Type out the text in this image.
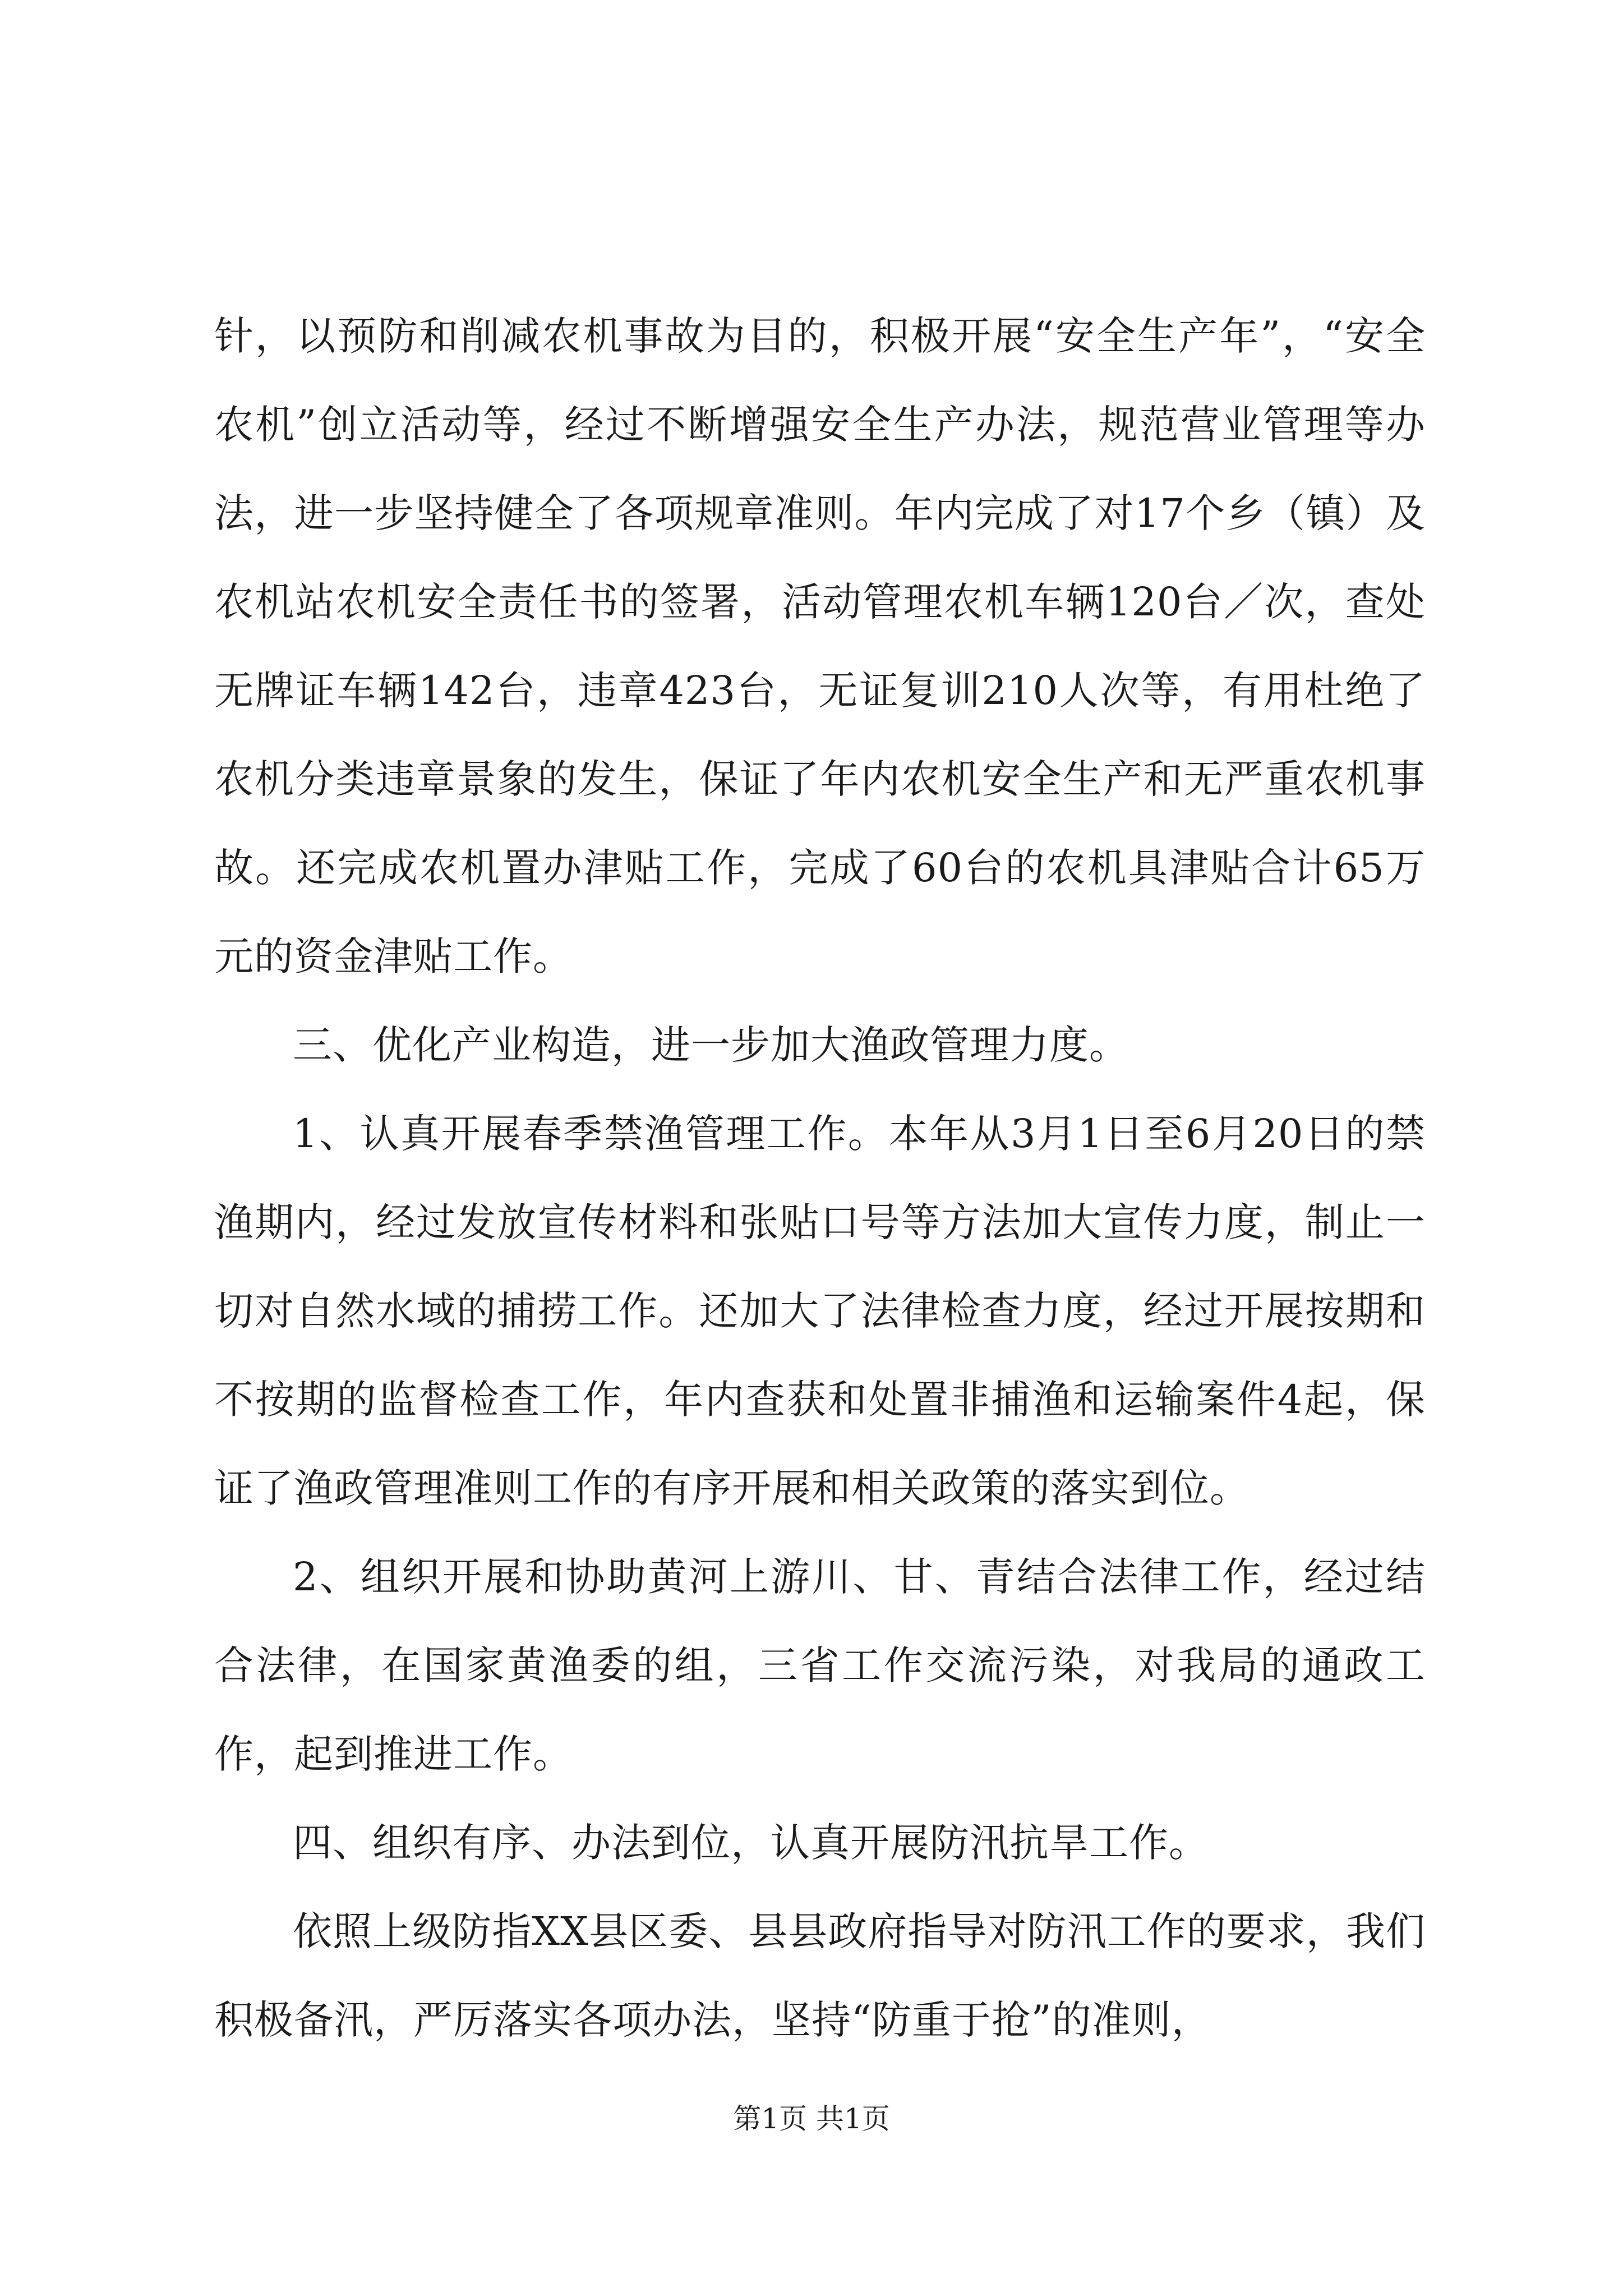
针，以预防和削减农机事故为目的，积极开展“安全生产年”，“安全农机”创立活动等，经过不断增强安全生产办法，规范营业管理等办法，进一步坚持健全了各项规章准则。年内完成了对17个乡（镇）及农机站农机安全责任书的签署，活动管理农机车辆120台／次，查处无牌证车辆142台，违章423台，无证复训210人次等，有用杜绝了农机分类违章景象的发生，保证了年内农机安全生产和无严重农机事故。还完成农机置办津贴工作，完成了60台的农机具津贴合计65万元的资金津贴工作。

三、优化产业构造，进一步加大渔政管理力度。

1、认真开展春季禁渔管理工作。本年从3月1日至6月20日的禁渔期内，经过发放宣传材料和张贴口号等方法加大宣传力度，制止一切对自然水域的捕捞工作。还加大了法律检查力度，经过开展按期和不按期的监督检查工作，年内查获和处置非捕渔和运输案件4起，保证了渔政管理准则工作的有序开展和相关政策的落实到位。

2、组织开展和协助黄河上游川、甘、青结合法律工作，经过结合法律，在国家黄渔委的组，三省工作交流污染，对我局的通政工作，起到推进工作。

四、组织有序、办法到位，认真开展防汛抗旱工作。

依照上级防指XX县区委、县县政府指导对防汛工作的要求，我们积极备汛，严厉落实各项办法，坚持“防重于抢”的准则，

第1页 共1页
